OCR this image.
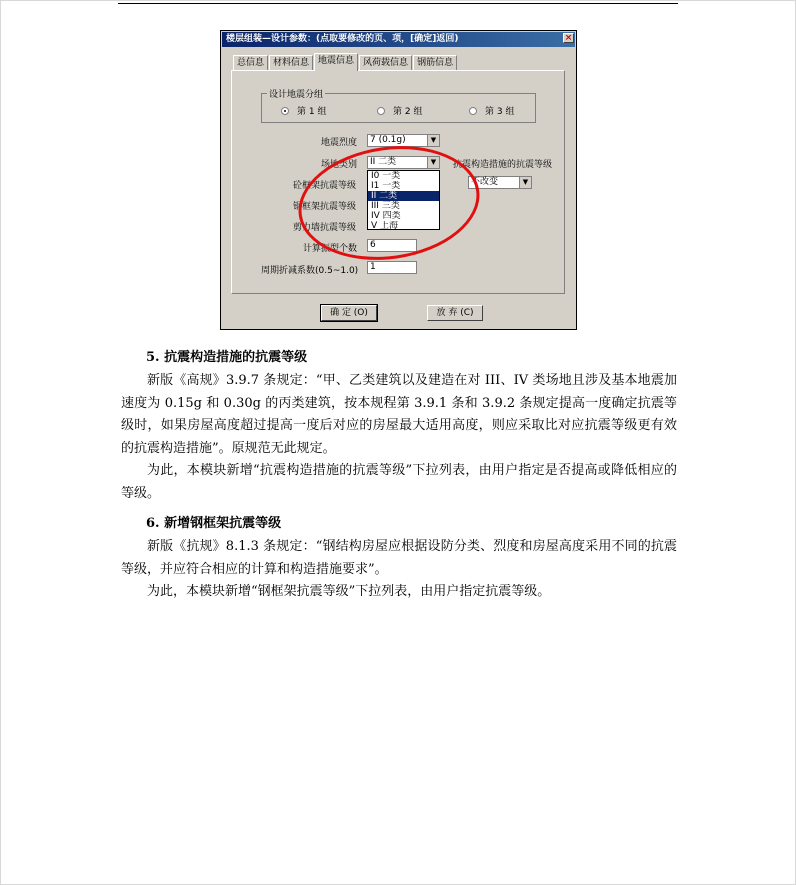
楼层组装—设计参数：(点取要修改的页、项，[确定]返回)	×
总信息	材料信息	地震信息	风荷载信息	钢筋信息
设计地震分组
第 1 组	第 2 组	第 3 组
地震烈度	7 (0.1g)	▼
场地类别	II 二类	▼
I0 一类
I1 一类
II 二类
III 三类
IV 四类
V 上海
抗震构造措施的抗震等级
不改变	▼
砼框架抗震等级
钢框架抗震等级
剪力墙抗震等级
计算振型个数	6
周期折减系数(0.5~1.0)	1
确 定 (O)	放 弃 (C)
5. 抗震构造措施的抗震等级

新版《高规》3.9.7 条规定：“甲、乙类建筑以及建造在对 III、IV 类场地且涉及基本地震加速度为 0.15g 和 0.30g 的丙类建筑，按本规程第 3.9.1 条和 3.9.2 条规定提高一度确定抗震等级时，如果房屋高度超过提高一度后对应的房屋最大适用高度，则应采取比对应抗震等级更有效的抗震构造措施”。原规范无此规定。

为此，本模块新增“抗震构造措施的抗震等级”下拉列表，由用户指定是否提高或降低相应的等级。

6. 新增钢框架抗震等级

新版《抗规》8.1.3 条规定：“钢结构房屋应根据设防分类、烈度和房屋高度采用不同的抗震等级，并应符合相应的计算和构造措施要求”。

为此，本模块新增“钢框架抗震等级”下拉列表，由用户指定抗震等级。
